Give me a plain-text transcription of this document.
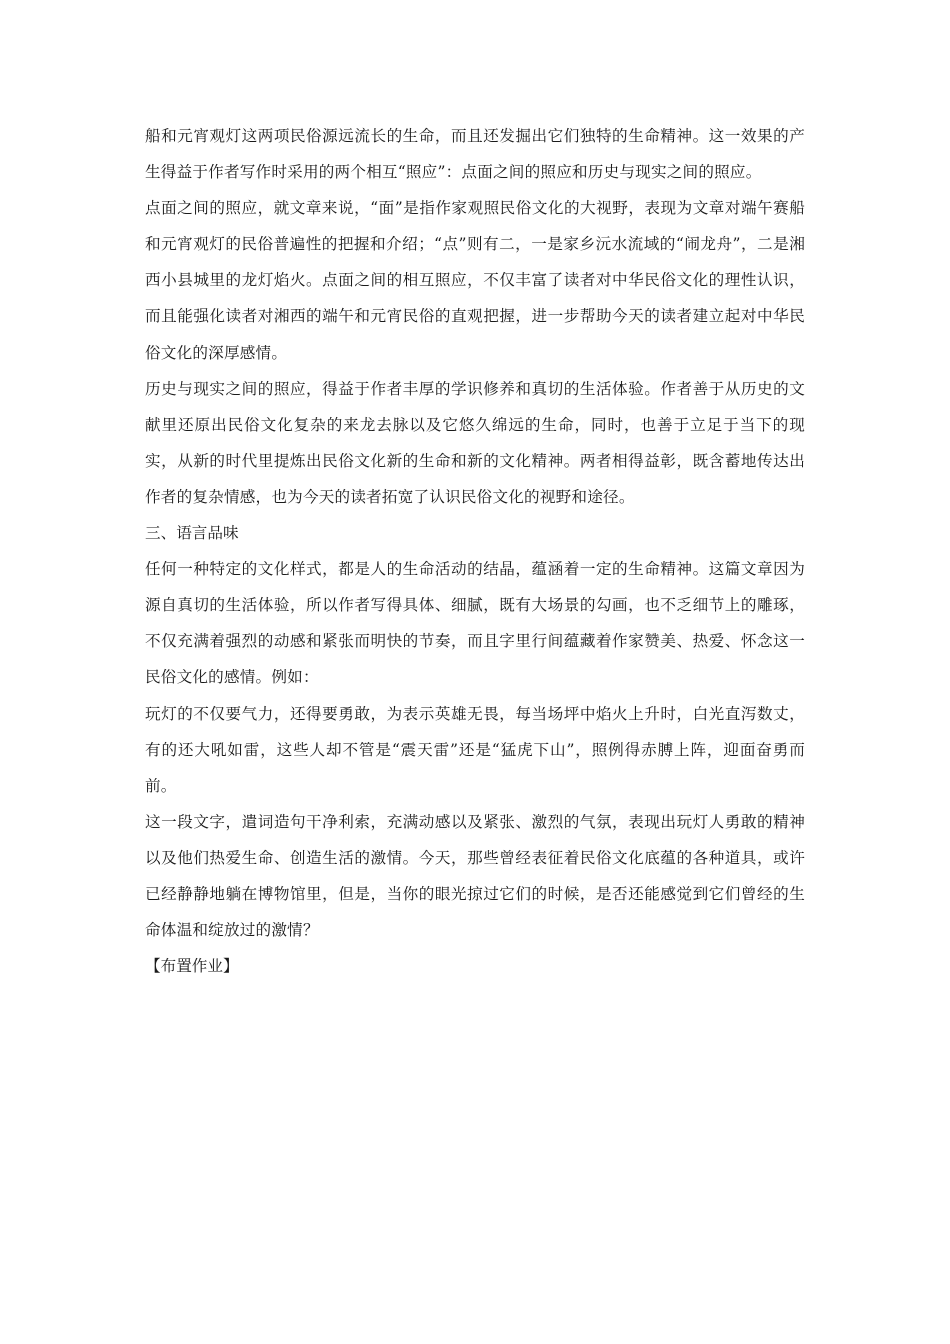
船和元宵观灯这两项民俗源远流长的生命，而且还发掘出它们独特的生命精神。这一效果的产生得益于作者写作时采用的两个相互“照应”：点面之间的照应和历史与现实之间的照应。

点面之间的照应，就文章来说，“面”是指作家观照民俗文化的大视野，表现为文章对端午赛船和元宵观灯的民俗普遍性的把握和介绍；“点”则有二，一是家乡沅水流域的“闹龙舟”，二是湘西小县城里的龙灯焰火。点面之间的相互照应，不仅丰富了读者对中华民俗文化的理性认识，而且能强化读者对湘西的端午和元宵民俗的直观把握，进一步帮助今天的读者建立起对中华民俗文化的深厚感情。

历史与现实之间的照应，得益于作者丰厚的学识修养和真切的生活体验。作者善于从历史的文献里还原出民俗文化复杂的来龙去脉以及它悠久绵远的生命，同时，也善于立足于当下的现实，从新的时代里提炼出民俗文化新的生命和新的文化精神。两者相得益彰，既含蓄地传达出作者的复杂情感，也为今天的读者拓宽了认识民俗文化的视野和途径。

三、语言品味

任何一种特定的文化样式，都是人的生命活动的结晶，蕴涵着一定的生命精神。这篇文章因为源自真切的生活体验，所以作者写得具体、细腻，既有大场景的勾画，也不乏细节上的雕琢，不仅充满着强烈的动感和紧张而明快的节奏，而且字里行间蕴藏着作家赞美、热爱、怀念这一民俗文化的感情。例如：

玩灯的不仅要气力，还得要勇敢，为表示英雄无畏，每当场坪中焰火上升时，白光直泻数丈，有的还大吼如雷，这些人却不管是“震天雷”还是“猛虎下山”，照例得赤膊上阵，迎面奋勇而前。

这一段文字，遣词造句干净利索，充满动感以及紧张、激烈的气氛，表现出玩灯人勇敢的精神以及他们热爱生命、创造生活的激情。今天，那些曾经表征着民俗文化底蕴的各种道具，或许已经静静地躺在博物馆里，但是，当你的眼光掠过它们的时候，是否还能感觉到它们曾经的生命体温和绽放过的激情？

【布置作业】
